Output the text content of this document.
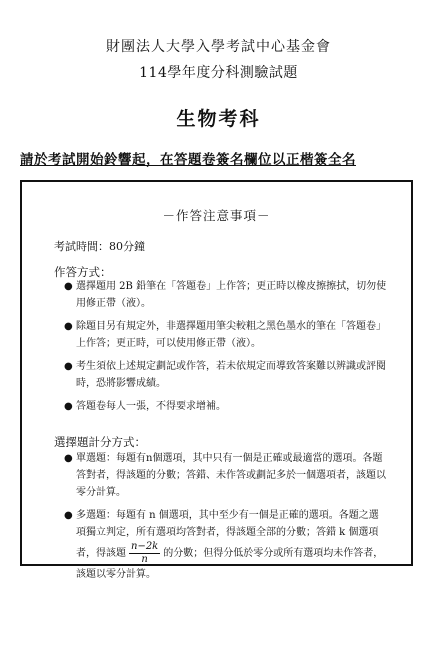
財團法人大學入學考試中心基金會
114學年度分科測驗試題
生物考科
請於考試開始鈴響起，在答題卷簽名欄位以正楷簽全名
－作答注意事項－
考試時間：80分鐘
作答方式：
● 選擇題用 2B 鉛筆在「答題卷」上作答；更正時以橡皮擦擦拭，切勿使用修正帶（液）。
● 除題目另有規定外，非選擇題用筆尖較粗之黑色墨水的筆在「答題卷」上作答；更正時，可以使用修正帶（液）。
● 考生須依上述規定劃記或作答，若未依規定而導致答案難以辨識或評閱時，恐將影響成績。
● 答題卷每人一張，不得要求增補。
選擇題計分方式：
● 單選題：每題有n個選項，其中只有一個是正確或最適當的選項。各題答對者，得該題的分數；答錯、未作答或劃記多於一個選項者，該題以零分計算。
● 多選題：每題有 n 個選項，其中至少有一個是正確的選項。各題之選項獨立判定，所有選項均答對者，得該題全部的分數；答錯 k 個選項者，得該題 $\frac{n-2k}{n}$ 的分數；但得分低於零分或所有選項均未作答者，該題以零分計算。
